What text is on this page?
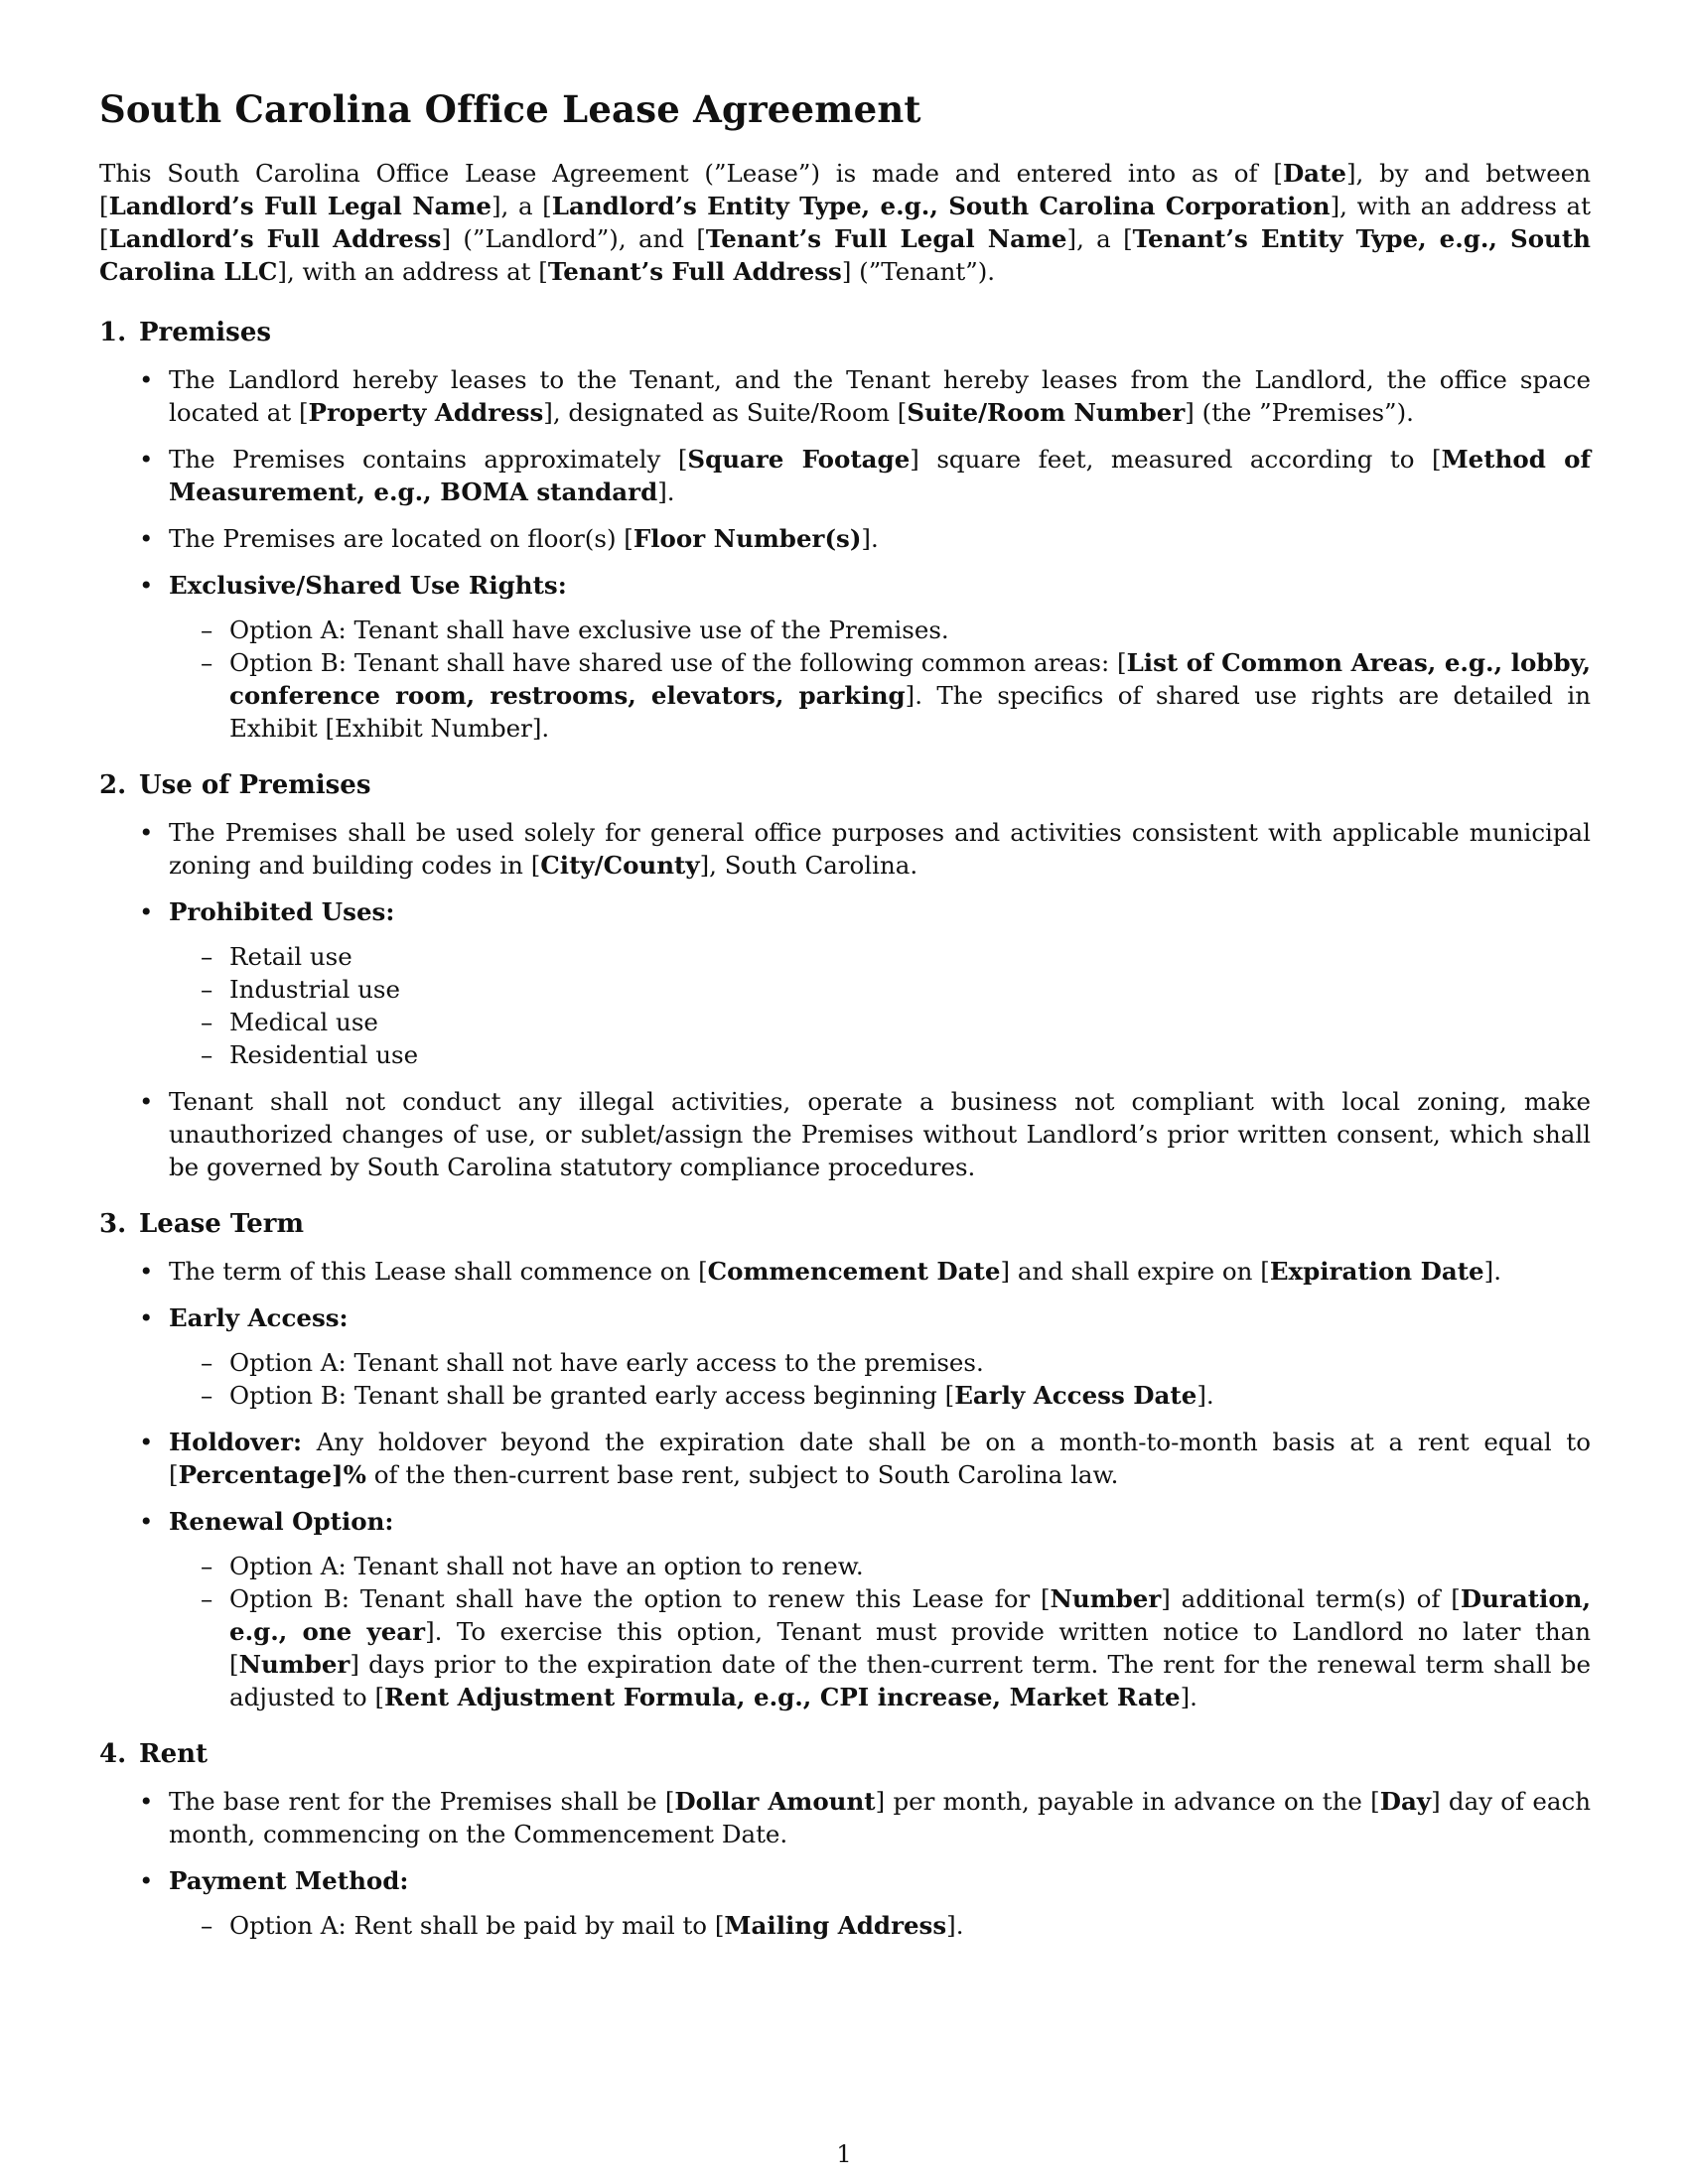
South Carolina Office Lease Agreement

This South Carolina Office Lease Agreement (”Lease”) is made and entered into as of [Date], by and between [Landlord’s Full Legal Name], a [Landlord’s Entity Type, e.g., South Carolina Corporation], with an address at [Landlord’s Full Address] (”Landlord”), and [Tenant’s Full Legal Name], a [Tenant’s Entity Type, e.g., South Carolina LLC], with an address at [Tenant’s Full Address] (”Tenant”).

1. Premises
• The Landlord hereby leases to the Tenant, and the Tenant hereby leases from the Landlord, the office space located at [Property Address], designated as Suite/Room [Suite/Room Number] (the ”Premises”).
• The Premises contains approximately [Square Footage] square feet, measured according to [Method of Measurement, e.g., BOMA standard].
• The Premises are located on floor(s) [Floor Number(s)].
• Exclusive/Shared Use Rights:
– Option A: Tenant shall have exclusive use of the Premises.
– Option B: Tenant shall have shared use of the following common areas: [List of Common Areas, e.g., lobby, conference room, restrooms, elevators, parking]. The specifics of shared use rights are detailed in Exhibit [Exhibit Number].
2. Use of Premises
• The Premises shall be used solely for general office purposes and activities consistent with applicable municipal zoning and building codes in [City/County], South Carolina.
• Prohibited Uses:
– Retail use
– Industrial use
– Medical use
– Residential use
• Tenant shall not conduct any illegal activities, operate a business not compliant with local zoning, make unauthorized changes of use, or sublet/assign the Premises without Landlord’s prior written consent, which shall be governed by South Carolina statutory compliance procedures.
3. Lease Term
• The term of this Lease shall commence on [Commencement Date] and shall expire on [Expiration Date].
• Early Access:
– Option A: Tenant shall not have early access to the premises.
– Option B: Tenant shall be granted early access beginning [Early Access Date].
• Holdover: Any holdover beyond the expiration date shall be on a month-to-month basis at a rent equal to [Percentage]% of the then-current base rent, subject to South Carolina law.
• Renewal Option:
– Option A: Tenant shall not have an option to renew.
– Option B: Tenant shall have the option to renew this Lease for [Number] additional term(s) of [Duration, e.g., one year]. To exercise this option, Tenant must provide written notice to Landlord no later than [Number] days prior to the expiration date of the then-current term. The rent for the renewal term shall be adjusted to [Rent Adjustment Formula, e.g., CPI increase, Market Rate].
4. Rent
• The base rent for the Premises shall be [Dollar Amount] per month, payable in advance on the [Day] day of each month, commencing on the Commencement Date.
• Payment Method:
– Option A: Rent shall be paid by mail to [Mailing Address].
1
